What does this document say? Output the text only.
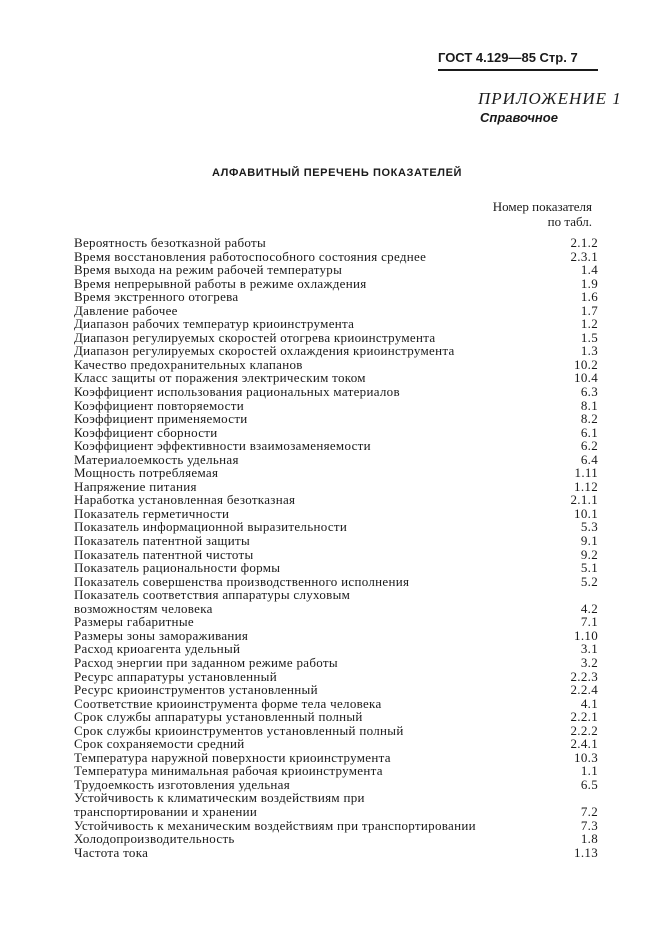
ГОСТ 4.129—85 Стр. 7
ПРИЛОЖЕНИЕ 1
Справочное
АЛФАВИТНЫЙ ПЕРЕЧЕНЬ ПОКАЗАТЕЛЕЙ
Номер показателя
по табл.
Вероятность безотказной работы	2.1.2
Время восстановления работоспособного состояния среднее	2.3.1
Время выхода на режим рабочей температуры	1.4
Время непрерывной работы в режиме охлаждения	1.9
Время экстренного отогрева	1.6
Давление рабочее	1.7
Диапазон рабочих температур криоинструмента	1.2
Диапазон регулируемых скоростей отогрева криоинструмента	1.5
Диапазон регулируемых скоростей охлаждения криоинструмента	1.3
Качество предохранительных клапанов	10.2
Класс защиты от поражения электрическим током	10.4
Коэффициент использования рациональных материалов	6.3
Коэффициент повторяемости	8.1
Коэффициент применяемости	8.2
Коэффициент сборности	6.1
Коэффициент эффективности взаимозаменяемости	6.2
Материалоемкость удельная	6.4
Мощность потребляемая	1.11
Напряжение питания	1.12
Наработка установленная безотказная	2.1.1
Показатель герметичности	10.1
Показатель информационной выразительности	5.3
Показатель патентной защиты	9.1
Показатель патентной чистоты	9.2
Показатель рациональности формы	5.1
Показатель совершенства производственного исполнения	5.2
Показатель соответствия аппаратуры слуховым
возможностям человека	4.2
Размеры габаритные	7.1
Размеры зоны замораживания	1.10
Расход криоагента удельный	3.1
Расход энергии при заданном режиме работы	3.2
Ресурс аппаратуры установленный	2.2.3
Ресурс криоинструментов установленный	2.2.4
Соответствие криоинструмента форме тела человека	4.1
Срок службы аппаратуры установленный полный	2.2.1
Срок службы криоинструментов установленный полный	2.2.2
Срок сохраняемости средний	2.4.1
Температура наружной поверхности криоинструмента	10.3
Температура минимальная рабочая криоинструмента	1.1
Трудоемкость изготовления удельная	6.5
Устойчивость к климатическим воздействиям при
транспортировании и хранении	7.2
Устойчивость к механическим воздействиям при транспортировании	7.3
Холодопроизводительность	1.8
Частота тока	1.13
